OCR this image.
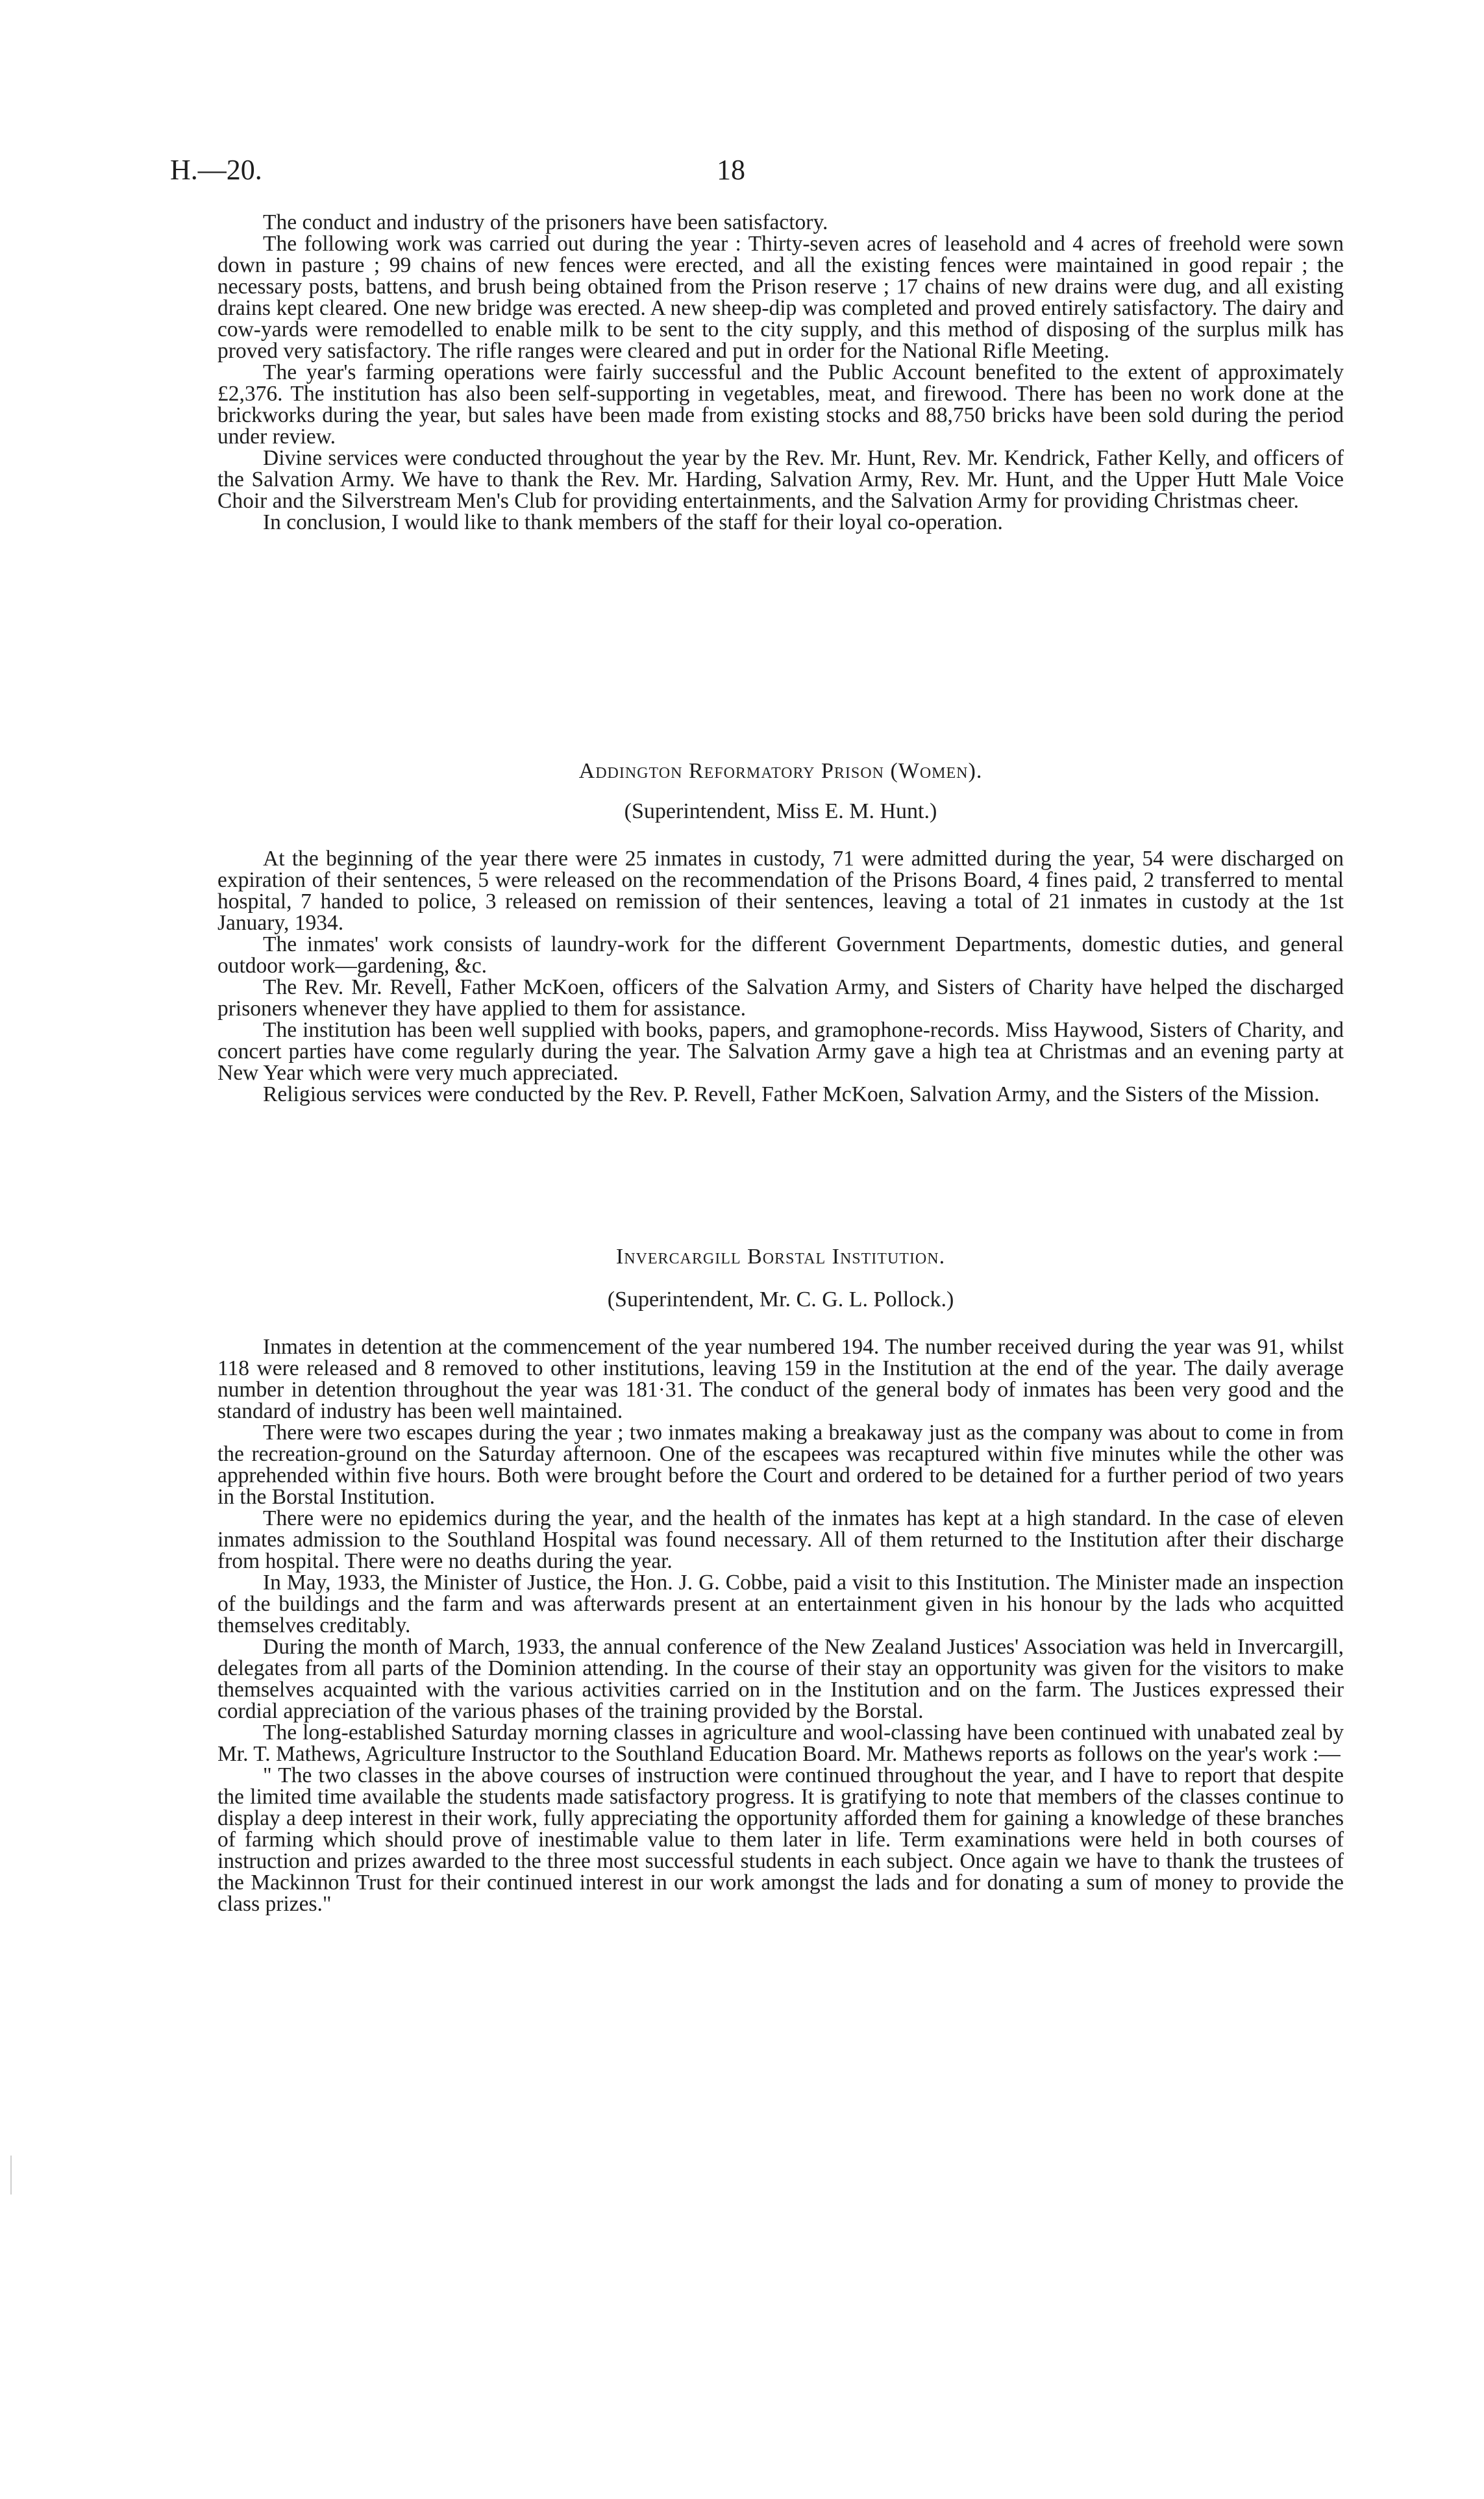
H.—20.	18

The conduct and industry of the prisoners have been satisfactory.

The following work was carried out during the year : Thirty-seven acres of leasehold and 4 acres of freehold were sown down in pasture ; 99 chains of new fences were erected, and all the existing fences were maintained in good repair ; the necessary posts, battens, and brush being obtained from the Prison reserve ; 17 chains of new drains were dug, and all existing drains kept cleared. One new bridge was erected. A new sheep-dip was completed and proved entirely satisfactory. The dairy and cow-yards were remodelled to enable milk to be sent to the city supply, and this method of disposing of the surplus milk has proved very satisfactory. The rifle ranges were cleared and put in order for the National Rifle Meeting.

The year's farming operations were fairly successful and the Public Account benefited to the extent of approximately £2,376. The institution has also been self-supporting in vegetables, meat, and firewood. There has been no work done at the brickworks during the year, but sales have been made from existing stocks and 88,750 bricks have been sold during the period under review.

Divine services were conducted throughout the year by the Rev. Mr. Hunt, Rev. Mr. Kendrick, Father Kelly, and officers of the Salvation Army. We have to thank the Rev. Mr. Harding, Salvation Army, Rev. Mr. Hunt, and the Upper Hutt Male Voice Choir and the Silverstream Men's Club for providing entertainments, and the Salvation Army for providing Christmas cheer.

In conclusion, I would like to thank members of the staff for their loyal co-operation.

Addington Reformatory Prison (Women).
(Superintendent, Miss E. M. Hunt.)

At the beginning of the year there were 25 inmates in custody, 71 were admitted during the year, 54 were discharged on expiration of their sentences, 5 were released on the recommendation of the Prisons Board, 4 fines paid, 2 transferred to mental hospital, 7 handed to police, 3 released on remission of their sentences, leaving a total of 21 inmates in custody at the 1st January, 1934.

The inmates' work consists of laundry-work for the different Government Departments, domestic duties, and general outdoor work—gardening, &c.

The Rev. Mr. Revell, Father McKoen, officers of the Salvation Army, and Sisters of Charity have helped the discharged prisoners whenever they have applied to them for assistance.

The institution has been well supplied with books, papers, and gramophone-records. Miss Haywood, Sisters of Charity, and concert parties have come regularly during the year. The Salvation Army gave a high tea at Christmas and an evening party at New Year which were very much appreciated.

Religious services were conducted by the Rev. P. Revell, Father McKoen, Salvation Army, and the Sisters of the Mission.

Invercargill Borstal Institution.
(Superintendent, Mr. C. G. L. Pollock.)

Inmates in detention at the commencement of the year numbered 194. The number received during the year was 91, whilst 118 were released and 8 removed to other institutions, leaving 159 in the Institution at the end of the year. The daily average number in detention throughout the year was 181·31. The conduct of the general body of inmates has been very good and the standard of industry has been well maintained.

There were two escapes during the year ; two inmates making a breakaway just as the company was about to come in from the recreation-ground on the Saturday afternoon. One of the escapees was recaptured within five minutes while the other was apprehended within five hours. Both were brought before the Court and ordered to be detained for a further period of two years in the Borstal Institution.

There were no epidemics during the year, and the health of the inmates has kept at a high standard. In the case of eleven inmates admission to the Southland Hospital was found necessary. All of them returned to the Institution after their discharge from hospital. There were no deaths during the year.

In May, 1933, the Minister of Justice, the Hon. J. G. Cobbe, paid a visit to this Institution. The Minister made an inspection of the buildings and the farm and was afterwards present at an entertainment given in his honour by the lads who acquitted themselves creditably.

During the month of March, 1933, the annual conference of the New Zealand Justices' Association was held in Invercargill, delegates from all parts of the Dominion attending. In the course of their stay an opportunity was given for the visitors to make themselves acquainted with the various activities carried on in the Institution and on the farm. The Justices expressed their cordial appreciation of the various phases of the training provided by the Borstal.

The long-established Saturday morning classes in agriculture and wool-classing have been continued with unabated zeal by Mr. T. Mathews, Agriculture Instructor to the Southland Education Board. Mr. Mathews reports as follows on the year's work :—

" The two classes in the above courses of instruction were continued throughout the year, and I have to report that despite the limited time available the students made satisfactory progress. It is gratifying to note that members of the classes continue to display a deep interest in their work, fully appreciating the opportunity afforded them for gaining a knowledge of these branches of farming which should prove of inestimable value to them later in life. Term examinations were held in both courses of instruction and prizes awarded to the three most successful students in each subject. Once again we have to thank the trustees of the Mackinnon Trust for their continued interest in our work amongst the lads and for donating a sum of money to provide the class prizes."
